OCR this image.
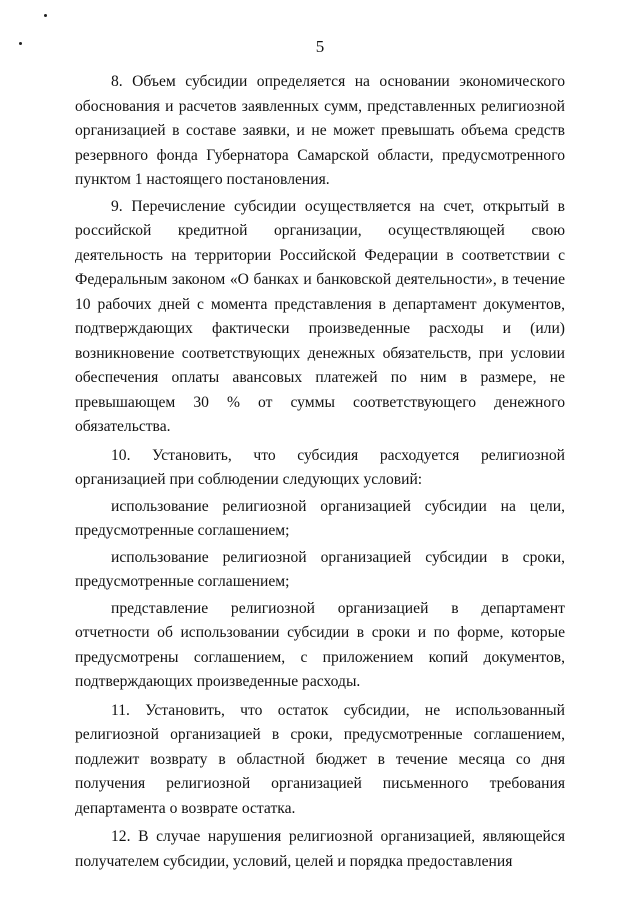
5

8. Объем субсидии определяется на основании экономического обоснования и расчетов заявленных сумм, представленных религиозной организацией в составе заявки, и не может превышать объема средств резервного фонда Губернатора Самарской области, предусмотренного пунктом 1 настоящего постановления.

9. Перечисление субсидии осуществляется на счет, открытый в российской кредитной организации, осуществляющей свою деятельность на территории Российской Федерации в соответствии с Федеральным законом «О банках и банковской деятельности», в течение 10 рабочих дней с момента представления в департамент документов, подтверждающих фактически произведенные расходы и (или) возникновение соответствующих денежных обязательств, при условии обеспечения оплаты авансовых платежей по ним в размере, не превышающем 30 % от суммы соответствующего денежного обязательства.

10. Установить, что субсидия расходуется религиозной организацией при соблюдении следующих условий:

использование религиозной организацией субсидии на цели, предусмотренные соглашением;

использование религиозной организацией субсидии в сроки, предусмотренные соглашением;

представление религиозной организацией в департамент отчетности об использовании субсидии в сроки и по форме, которые предусмотрены соглашением, с приложением копий документов, подтверждающих произведенные расходы.

11. Установить, что остаток субсидии, не использованный религиозной организацией в сроки, предусмотренные соглашением, подлежит возврату в областной бюджет в течение месяца со дня получения религиозной организацией письменного требования департамента о возврате остатка.

12. В случае нарушения религиозной организацией, являющейся получателем субсидии, условий, целей и порядка предоставления
